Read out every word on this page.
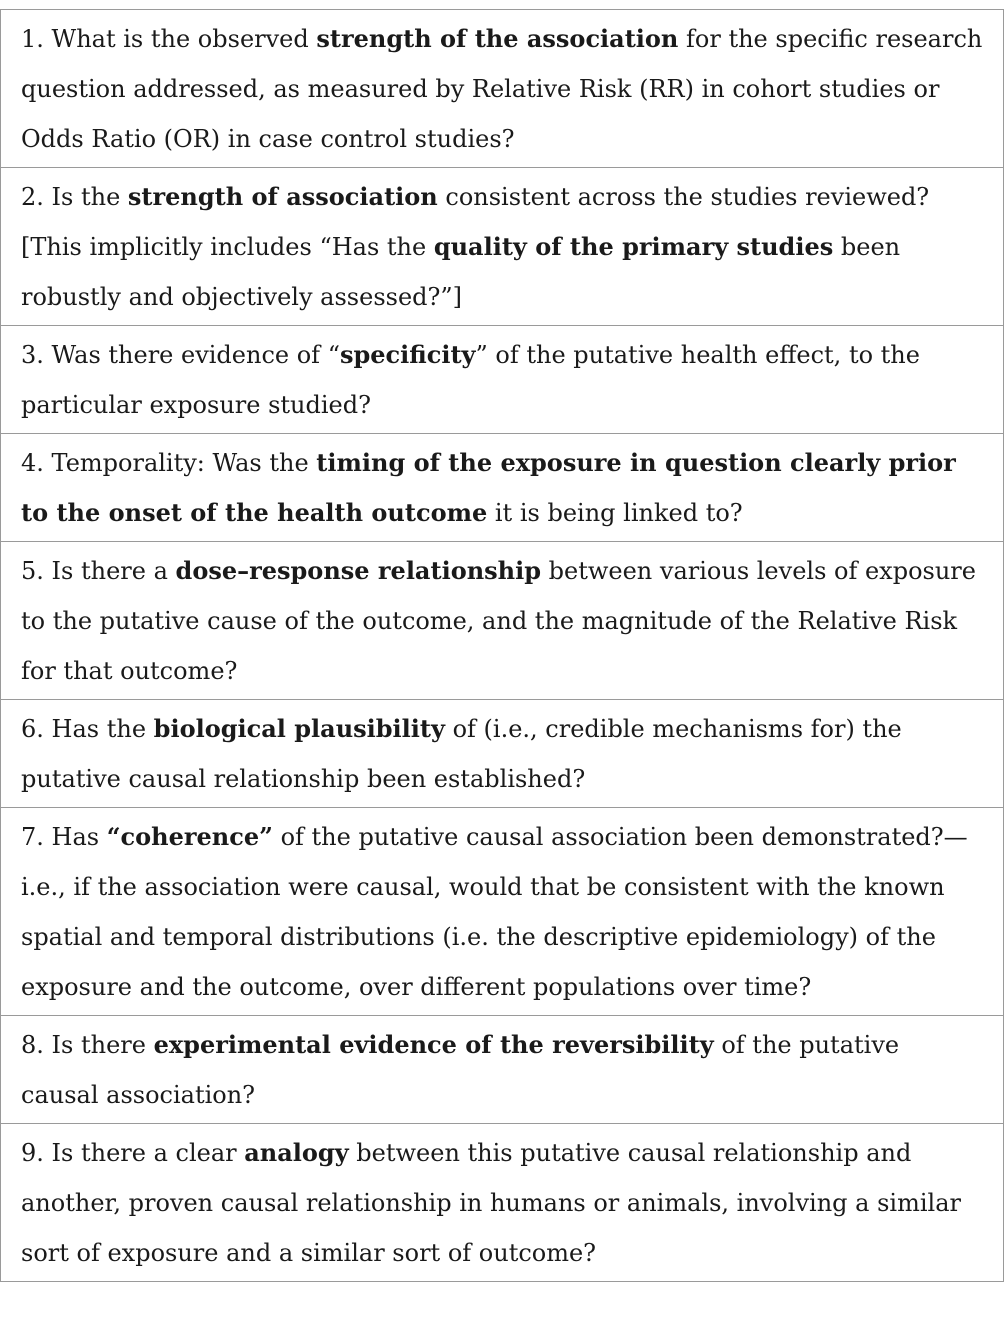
1. What is the observed strength of the association for the specific research question addressed, as measured by Relative Risk (RR) in cohort studies or Odds Ratio (OR) in case control studies?
2. Is the strength of association consistent across the studies reviewed? [This implicitly includes “Has the quality of the primary studies been robustly and objectively assessed?”]
3. Was there evidence of “specificity” of the putative health effect, to the particular exposure studied?
4. Temporality: Was the timing of the exposure in question clearly prior to the onset of the health outcome it is being linked to?
5. Is there a dose–response relationship between various levels of exposure to the putative cause of the outcome, and the magnitude of the Relative Risk for that outcome?
6. Has the biological plausibility of (i.e., credible mechanisms for) the putative causal relationship been established?
7. Has “coherence” of the putative causal association been demonstrated?—i.e., if the association were causal, would that be consistent with the known spatial and temporal distributions (i.e. the descriptive epidemiology) of the exposure and the outcome, over different populations over time?
8. Is there experimental evidence of the reversibility of the putative causal association?
9. Is there a clear analogy between this putative causal relationship and another, proven causal relationship in humans or animals, involving a similar sort of exposure and a similar sort of outcome?
